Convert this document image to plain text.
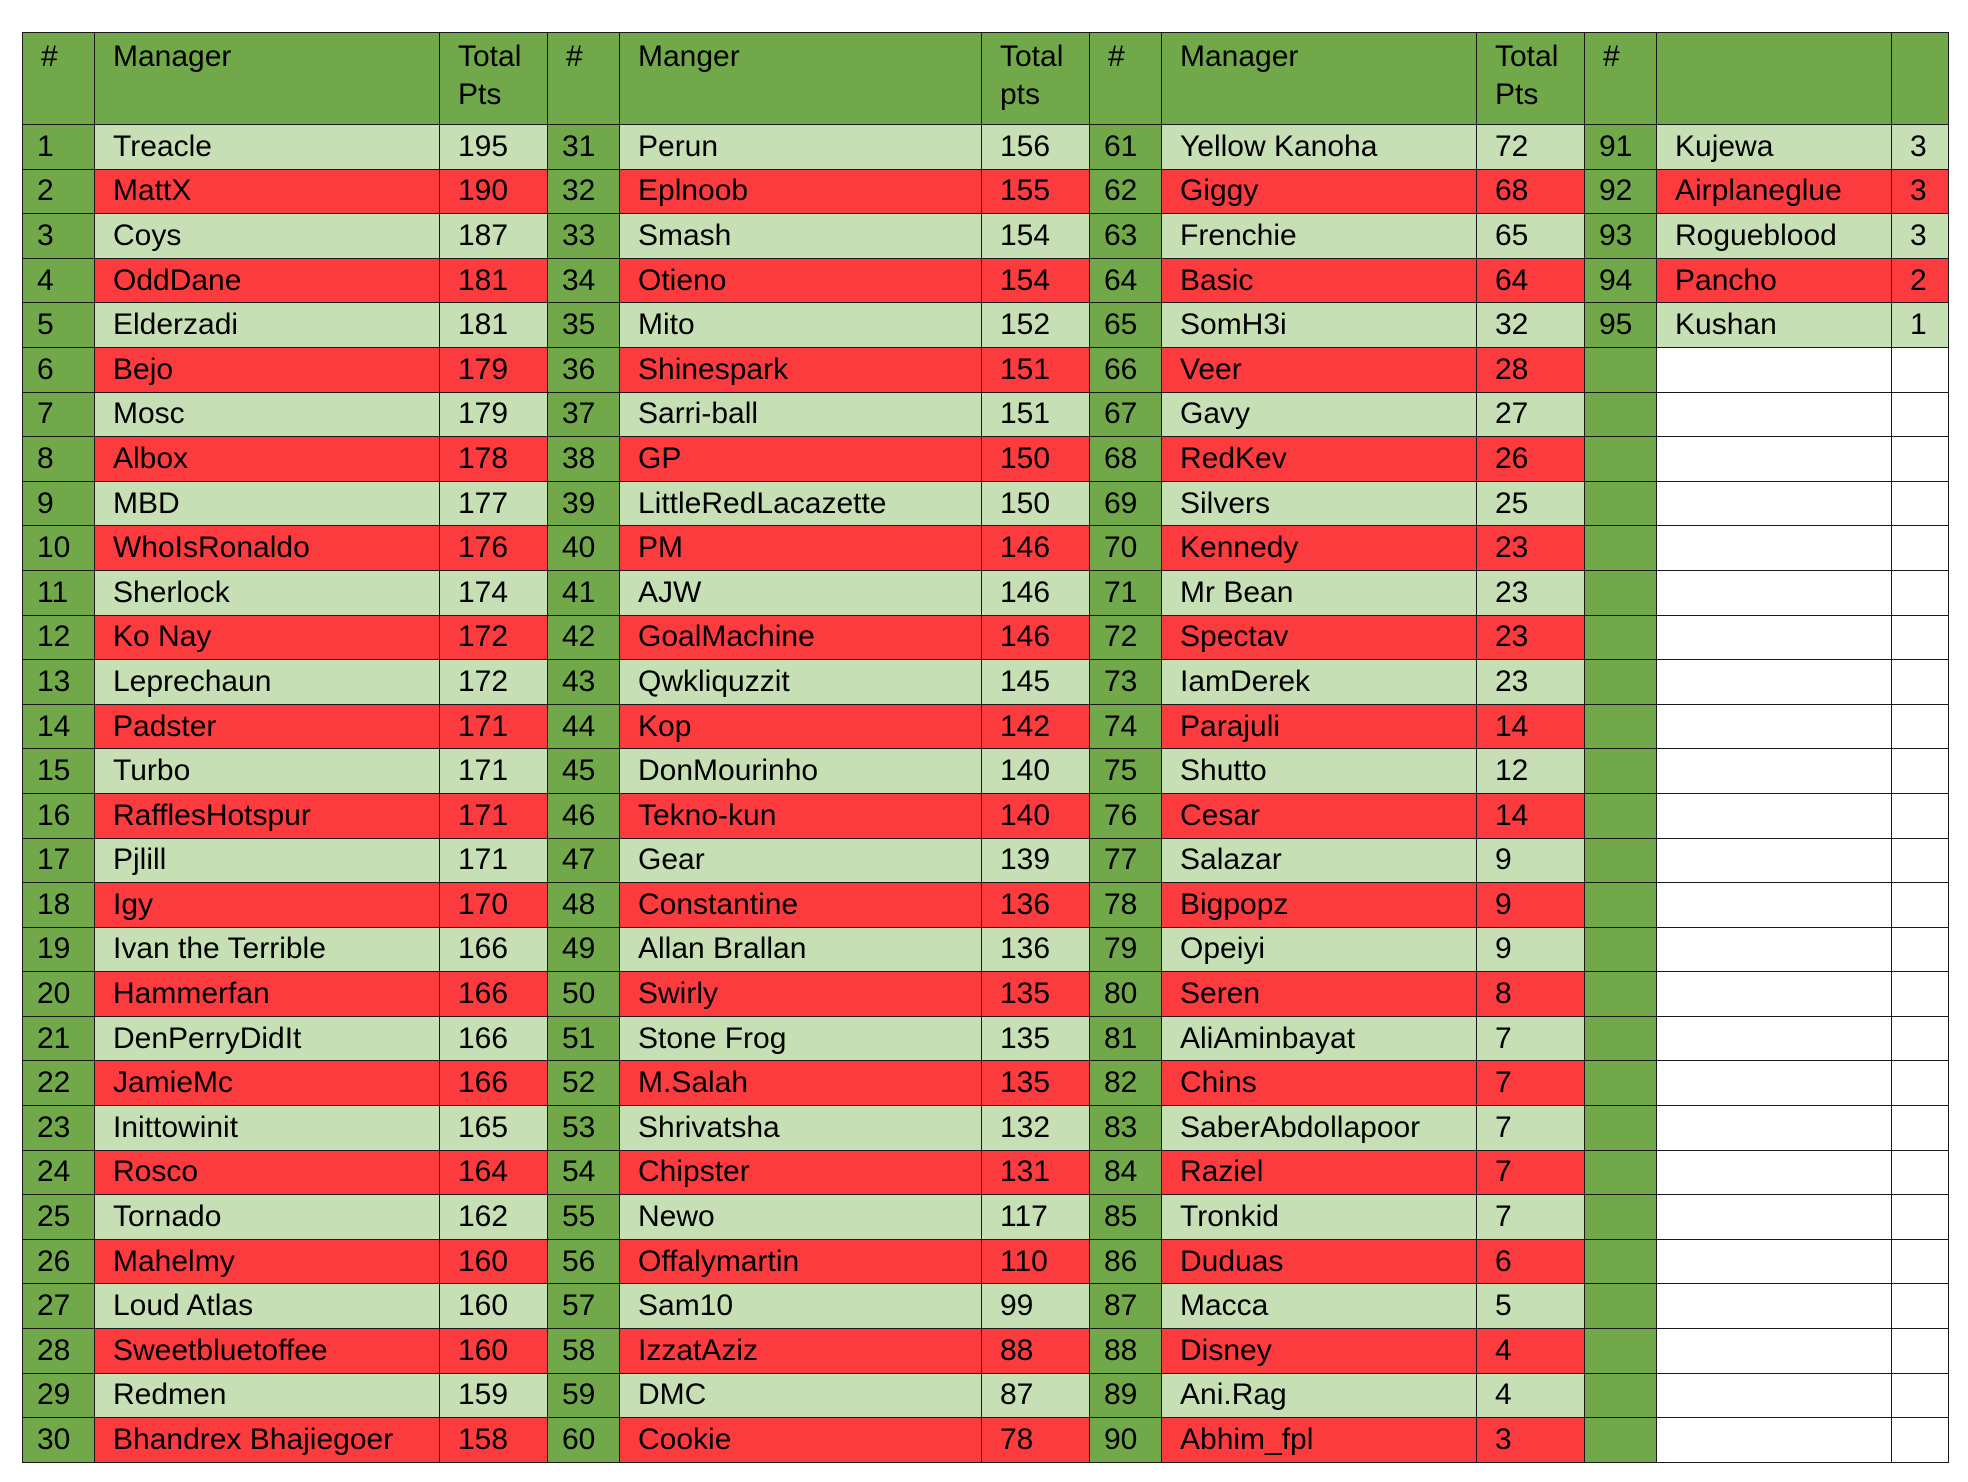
#	Manager	Total Pts	#	Manger	Total pts	#	Manager	Total Pts	#		
1	Treacle	195	31	Perun	156	61	Yellow Kanoha	72	91	Kujewa	3
2	MattX	190	32	Eplnoob	155	62	Giggy	68	92	Airplaneglue	3
3	Coys	187	33	Smash	154	63	Frenchie	65	93	Rogueblood	3
4	OddDane	181	34	Otieno	154	64	Basic	64	94	Pancho	2
5	Elderzadi	181	35	Mito	152	65	SomH3i	32	95	Kushan	1
6	Bejo	179	36	Shinespark	151	66	Veer	28			
7	Mosc	179	37	Sarri-ball	151	67	Gavy	27			
8	Albox	178	38	GP	150	68	RedKev	26			
9	MBD	177	39	LittleRedLacazette	150	69	Silvers	25			
10	WhoIsRonaldo	176	40	PM	146	70	Kennedy	23			
11	Sherlock	174	41	AJW	146	71	Mr Bean	23			
12	Ko Nay	172	42	GoalMachine	146	72	Spectav	23			
13	Leprechaun	172	43	Qwkliquzzit	145	73	IamDerek	23			
14	Padster	171	44	Kop	142	74	Parajuli	14			
15	Turbo	171	45	DonMourinho	140	75	Shutto	12			
16	RafflesHotspur	171	46	Tekno-kun	140	76	Cesar	14			
17	Pjlill	171	47	Gear	139	77	Salazar	9			
18	Igy	170	48	Constantine	136	78	Bigpopz	9			
19	Ivan the Terrible	166	49	Allan Brallan	136	79	Opeiyi	9			
20	Hammerfan	166	50	Swirly	135	80	Seren	8			
21	DenPerryDidIt	166	51	Stone Frog	135	81	AliAminbayat	7			
22	JamieMc	166	52	M.Salah	135	82	Chins	7			
23	Inittowinit	165	53	Shrivatsha	132	83	SaberAbdollapoor	7			
24	Rosco	164	54	Chipster	131	84	Raziel	7			
25	Tornado	162	55	Newo	117	85	Tronkid	7			
26	Mahelmy	160	56	Offalymartin	110	86	Duduas	6			
27	Loud Atlas	160	57	Sam10	99	87	Macca	5			
28	Sweetbluetoffee	160	58	IzzatAziz	88	88	Disney	4			
29	Redmen	159	59	DMC	87	89	Ani.Rag	4			
30	Bhandrex Bhajiegoer	158	60	Cookie	78	90	Abhim_fpl	3			
